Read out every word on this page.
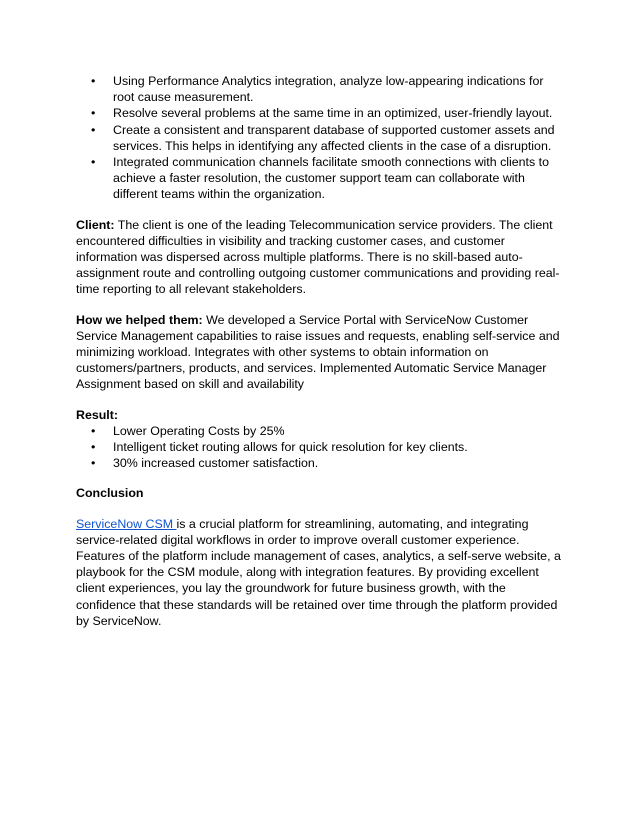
• Using Performance Analytics integration, analyze low-appearing indications for root cause measurement.
• Resolve several problems at the same time in an optimized, user-friendly layout.
• Create a consistent and transparent database of supported customer assets and services. This helps in identifying any affected clients in the case of a disruption.
• Integrated communication channels facilitate smooth connections with clients to achieve a faster resolution, the customer support team can collaborate with different teams within the organization.

Client: The client is one of the leading Telecommunication service providers. The client encountered difficulties in visibility and tracking customer cases, and customer information was dispersed across multiple platforms. There is no skill-based auto-assignment route and controlling outgoing customer communications and providing real-time reporting to all relevant stakeholders.

How we helped them: We developed a Service Portal with ServiceNow Customer Service Management capabilities to raise issues and requests, enabling self-service and minimizing workload. Integrates with other systems to obtain information on customers/partners, products, and services. Implemented Automatic Service Manager Assignment based on skill and availability

Result:

• Lower Operating Costs by 25%
• Intelligent ticket routing allows for quick resolution for key clients.
• 30% increased customer satisfaction.

Conclusion

ServiceNow CSM is a crucial platform for streamlining, automating, and integrating service-related digital workflows in order to improve overall customer experience. Features of the platform include management of cases, analytics, a self-serve website, a playbook for the CSM module, along with integration features. By providing excellent client experiences, you lay the groundwork for future business growth, with the confidence that these standards will be retained over time through the platform provided by ServiceNow.
